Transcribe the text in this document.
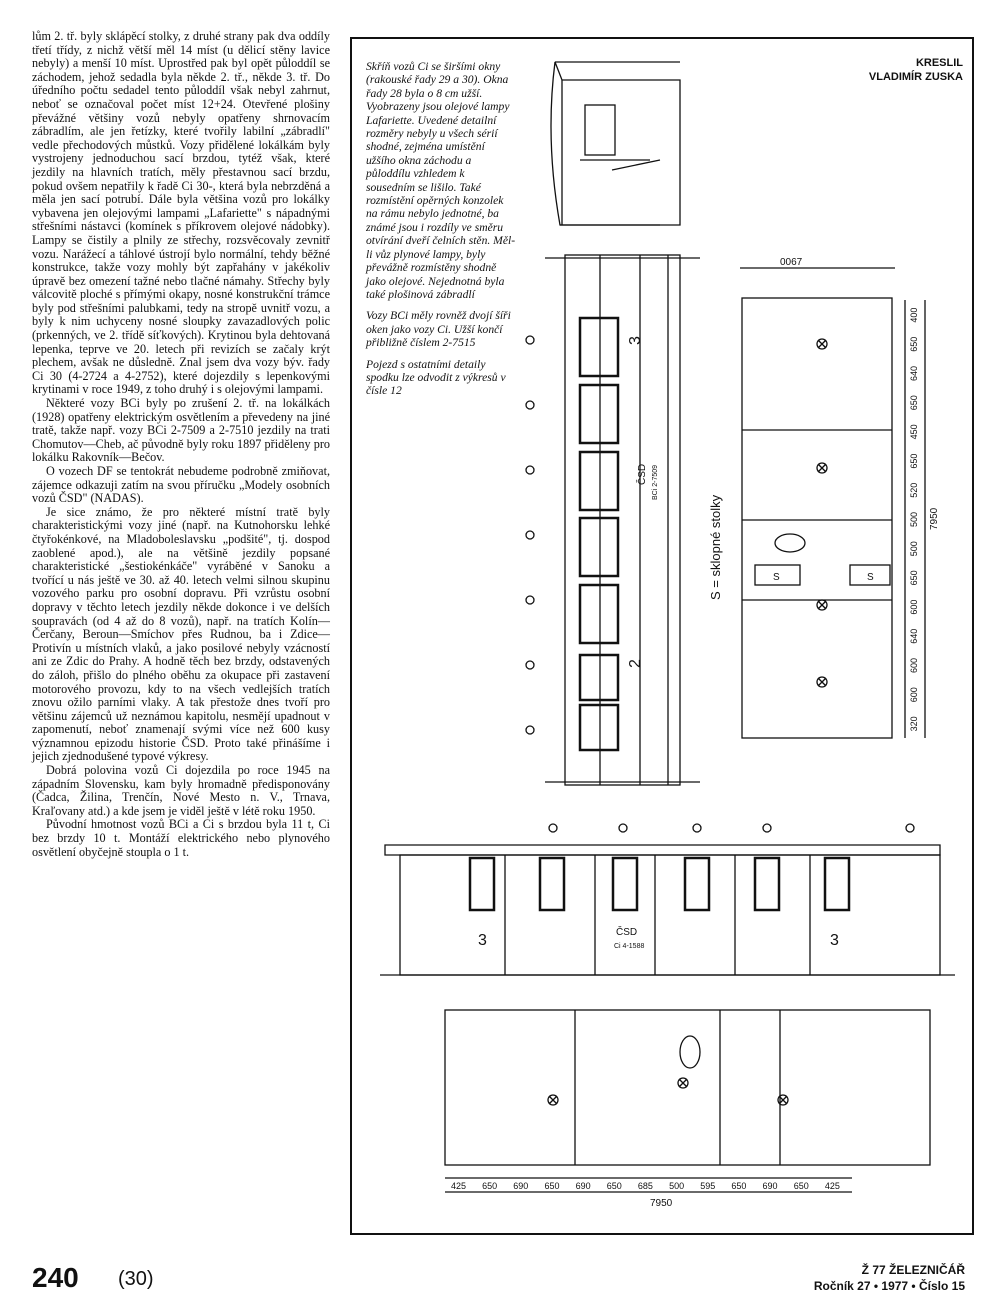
lům 2. tř. byly sklápěcí stolky, z druhé strany pak dva oddíly třetí třídy, z nichž větší měl 14 míst (u dělicí stěny lavice nebyly) a menší 10 míst. Uprostřed pak byl opět půloddíl se záchodem, jehož sedadla byla někde 2. tř., někde 3. tř. Do úředního počtu sedadel tento půloddíl však nebyl zahrnut, neboť se označoval počet míst 12+24. Otevřené plošiny převážné většiny vozů nebyly opatřeny shrnovacím zábradlím, ale jen řetízky, které tvořily labilní „zábradlí" vedle přechodových můstků. Vozy přidělené lokálkám byly vystrojeny jednoduchou sací brzdou, tytéž však, které jezdily na hlavních tratích, měly přestavnou sací brzdu, pokud ovšem nepatřily k řadě Ci 30-, která byla nebrzděná a měla jen sací potrubí. Dále byla většina vozů pro lokálky vybavena jen olejovými lampami „Lafariette" s nápadnými střešními nástavci (komínek s příkrovem olejové nádobky). Lampy se čistily a plnily ze střechy, rozsvěcovaly zevnitř vozu. Narážecí a táhlové ústrojí bylo normální, tehdy běžné konstrukce, takže vozy mohly být zapřahány v jakékoliv úpravě bez omezení tažné nebo tlačné námahy. Střechy byly válcovitě ploché s přímými okapy, nosné konstrukční trámce byly pod střešními palubkami, tedy na stropě uvnitř vozu, a byly k nim uchyceny nosné sloupky zavazadlových polic (prkenných, ve 2. třídě síťkových). Krytinou byla dehtovaná lepenka, teprve ve 20. letech při revizích se začaly krýt plechem, avšak ne důsledně. Znal jsem dva vozy býv. řady Ci 30 (4-2724 a 4-2752), které dojezdily s lepenkovými krytinami v roce 1949, z toho druhý i s olejovými lampami.

Některé vozy BCi byly po zrušení 2. tř. na lokálkách (1928) opatřeny elektrickým osvětlením a převedeny na jiné tratě, takže např. vozy BCi 2-7509 a 2-7510 jezdily na trati Chomutov—Cheb, ač původně byly roku 1897 přiděleny pro lokálku Rakovník—Bečov.

O vozech DF se tentokrát nebudeme podrobně zmiňovat, zájemce odkazuji zatím na svou příručku „Modely osobních vozů ČSD" (NADAS).

Je sice známo, že pro některé místní tratě byly charakteristickými vozy jiné (např. na Kutnohorsku lehké čtyřokénkové, na Mladoboleslavsku „podšité", tj. dospod zaoblené apod.), ale na většině jezdily popsané charakteristické „šestiokénkáče" vyráběné v Sanoku a tvořící u nás ještě ve 30. až 40. letech velmi silnou skupinu vozového parku pro osobní dopravu. Při vzrůstu osobní dopravy v těchto letech jezdily někde dokonce i ve delších soupravách (od 4 až do 8 vozů), např. na tratích Kolín—Čerčany, Beroun—Smíchov přes Rudnou, ba i Zdice—Protivín u místních vlaků, a jako posilové nebyly vzácností ani ze Zdic do Prahy. A hodně těch bez brzdy, odstavených do záloh, přišlo do plného oběhu za okupace při zastavení motorového provozu, kdy to na všech vedlejších tratích znovu ožilo parními vlaky. A tak přestože dnes tvoří pro většinu zájemců už neznámou kapitolu, nesmějí upadnout v zapomenutí, neboť znamenají svými více než 600 kusy významnou epizodu historie ČSD. Proto také přinášíme i jejich zjednodušené typové výkresy.

Dobrá polovina vozů Ci dojezdila po roce 1945 na západním Slovensku, kam byly hromadně předisponovány (Čadca, Žilina, Trenčín, Nové Mesto n. V., Trnava, Kraľovany atd.) a kde jsem je viděl ještě v létě roku 1950.

Původní hmotnost vozů BCi a Ci s brzdou byla 11 t, Ci bez brzdy 10 t. Montáží elektrického nebo plynového osvětlení obyčejně stoupla o 1 t.

Skříň vozů Ci se širšími okny (rakouské řady 29 a 30). Okna řady 28 byla o 8 cm užší. Vyobrazeny jsou olejové lampy Lafariette. Uvedené detailní rozměry nebyly u všech sérií shodné, zejména umístění užšího okna záchodu a půloddílu vzhledem k sousedním se lišilo. Také rozmístění opěrných konzolek na rámu nebylo jednotné, ba známé jsou i rozdíly ve směru otvírání dveří čelních stěn. Měl-li vůz plynové lampy, byly převážně rozmístěny shodně jako olejové. Nejednotná byla také plošinová zábradlí

Vozy BCi měly rovněž dvojí šíři oken jako vozy Ci. Užší končí přibližně číslem 2-7515

Pojezd s ostatními detaily spodku lze odvodit z výkresů v čísle 12

KRESLIL
VLADIMÍR ZUSKA
0067
7950
S = sklopné stolky	S	S
2
3
ČSD BCi 2-7509
3	3
ČSD
Ci 4-1588
7950
400
650
640
650
450
650
520
500
500
650
600
640
600
600
320
425 650 690 650 690 650 685 500 595 650 690 650 425
240 (30)	Ž 77 ŽELEZNIČÁŘ
Ročník 27 • 1977 • Číslo 15
